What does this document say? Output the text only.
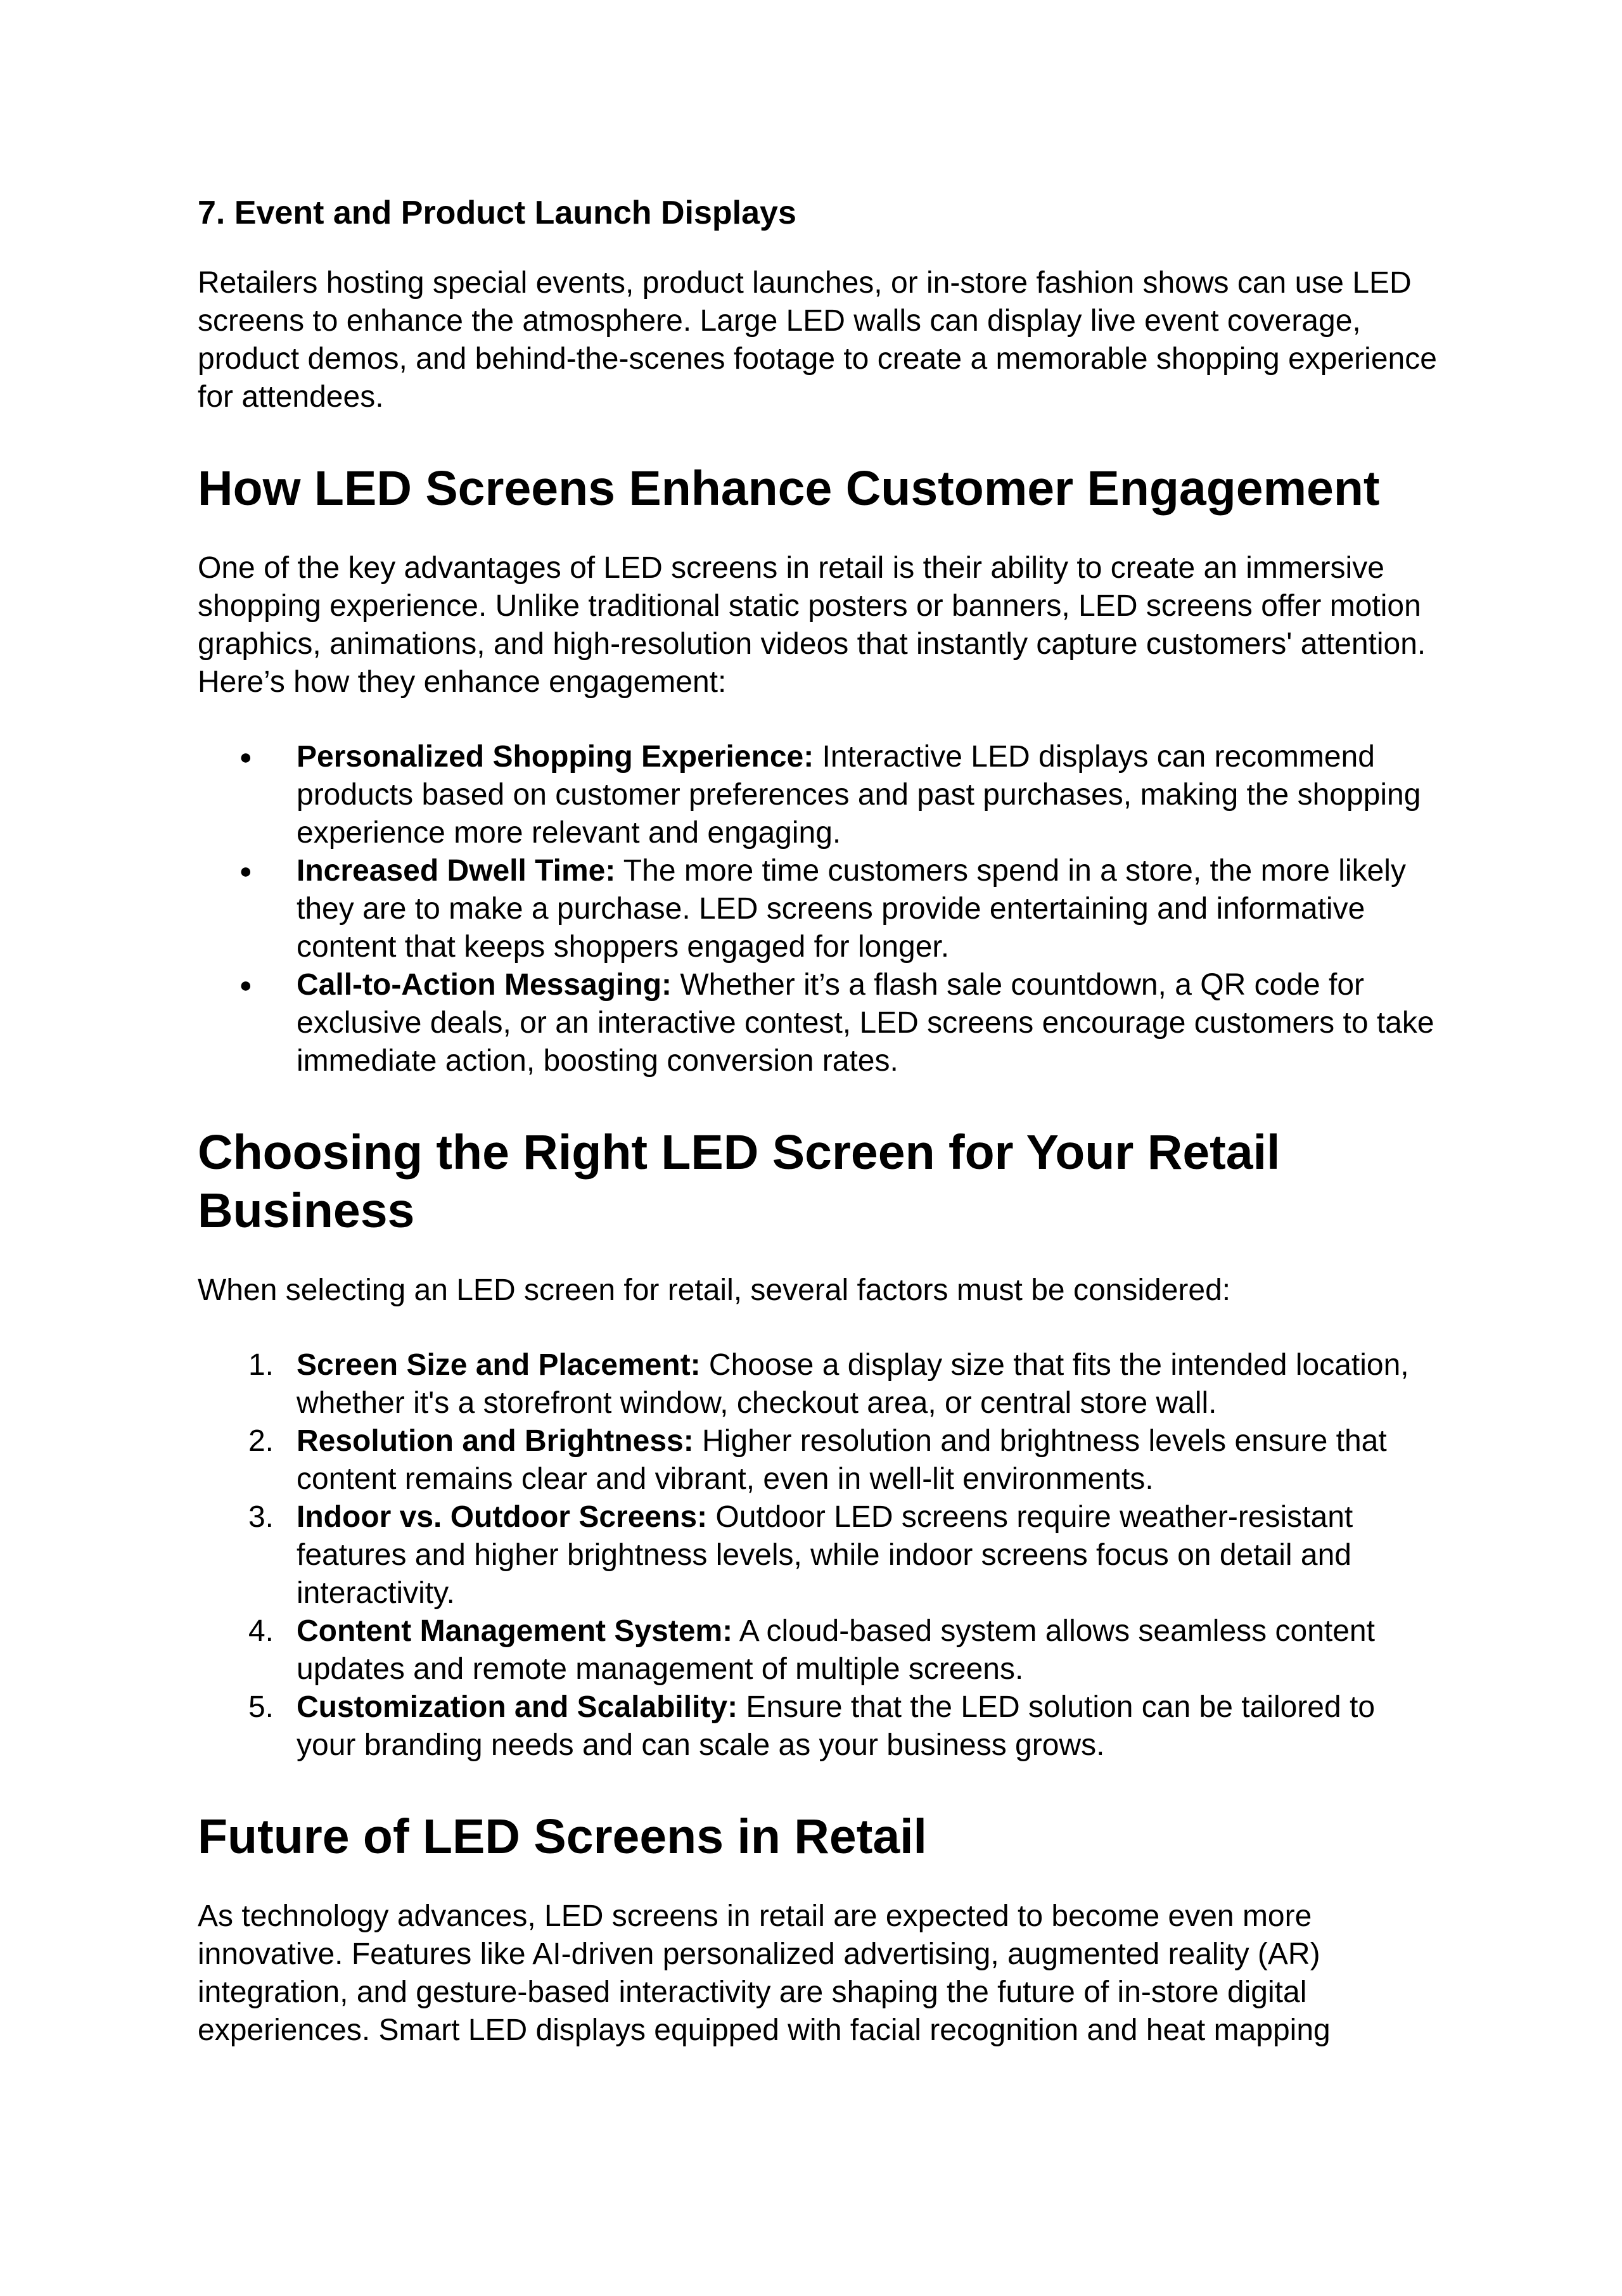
7. Event and Product Launch Displays

Retailers hosting special events, product launches, or in-store fashion shows can use LED screens to enhance the atmosphere. Large LED walls can display live event coverage, product demos, and behind-the-scenes footage to create a memorable shopping experience for attendees.

How LED Screens Enhance Customer Engagement

One of the key advantages of LED screens in retail is their ability to create an immersive shopping experience. Unlike traditional static posters or banners, LED screens offer motion graphics, animations, and high-resolution videos that instantly capture customers' attention. Here’s how they enhance engagement:

● Personalized Shopping Experience: Interactive LED displays can recommend products based on customer preferences and past purchases, making the shopping experience more relevant and engaging.
● Increased Dwell Time: The more time customers spend in a store, the more likely they are to make a purchase. LED screens provide entertaining and informative content that keeps shoppers engaged for longer.
● Call-to-Action Messaging: Whether it’s a flash sale countdown, a QR code for exclusive deals, or an interactive contest, LED screens encourage customers to take immediate action, boosting conversion rates.
Choosing the Right LED Screen for Your Retail Business

When selecting an LED screen for retail, several factors must be considered:

1. Screen Size and Placement: Choose a display size that fits the intended location, whether it's a storefront window, checkout area, or central store wall.
2. Resolution and Brightness: Higher resolution and brightness levels ensure that content remains clear and vibrant, even in well-lit environments.
3. Indoor vs. Outdoor Screens: Outdoor LED screens require weather-resistant features and higher brightness levels, while indoor screens focus on detail and interactivity.
4. Content Management System: A cloud-based system allows seamless content updates and remote management of multiple screens.
5. Customization and Scalability: Ensure that the LED solution can be tailored to your branding needs and can scale as your business grows.
Future of LED Screens in Retail

As technology advances, LED screens in retail are expected to become even more innovative. Features like AI-driven personalized advertising, augmented reality (AR) integration, and gesture-based interactivity are shaping the future of in-store digital experiences. Smart LED displays equipped with facial recognition and heat mapping
